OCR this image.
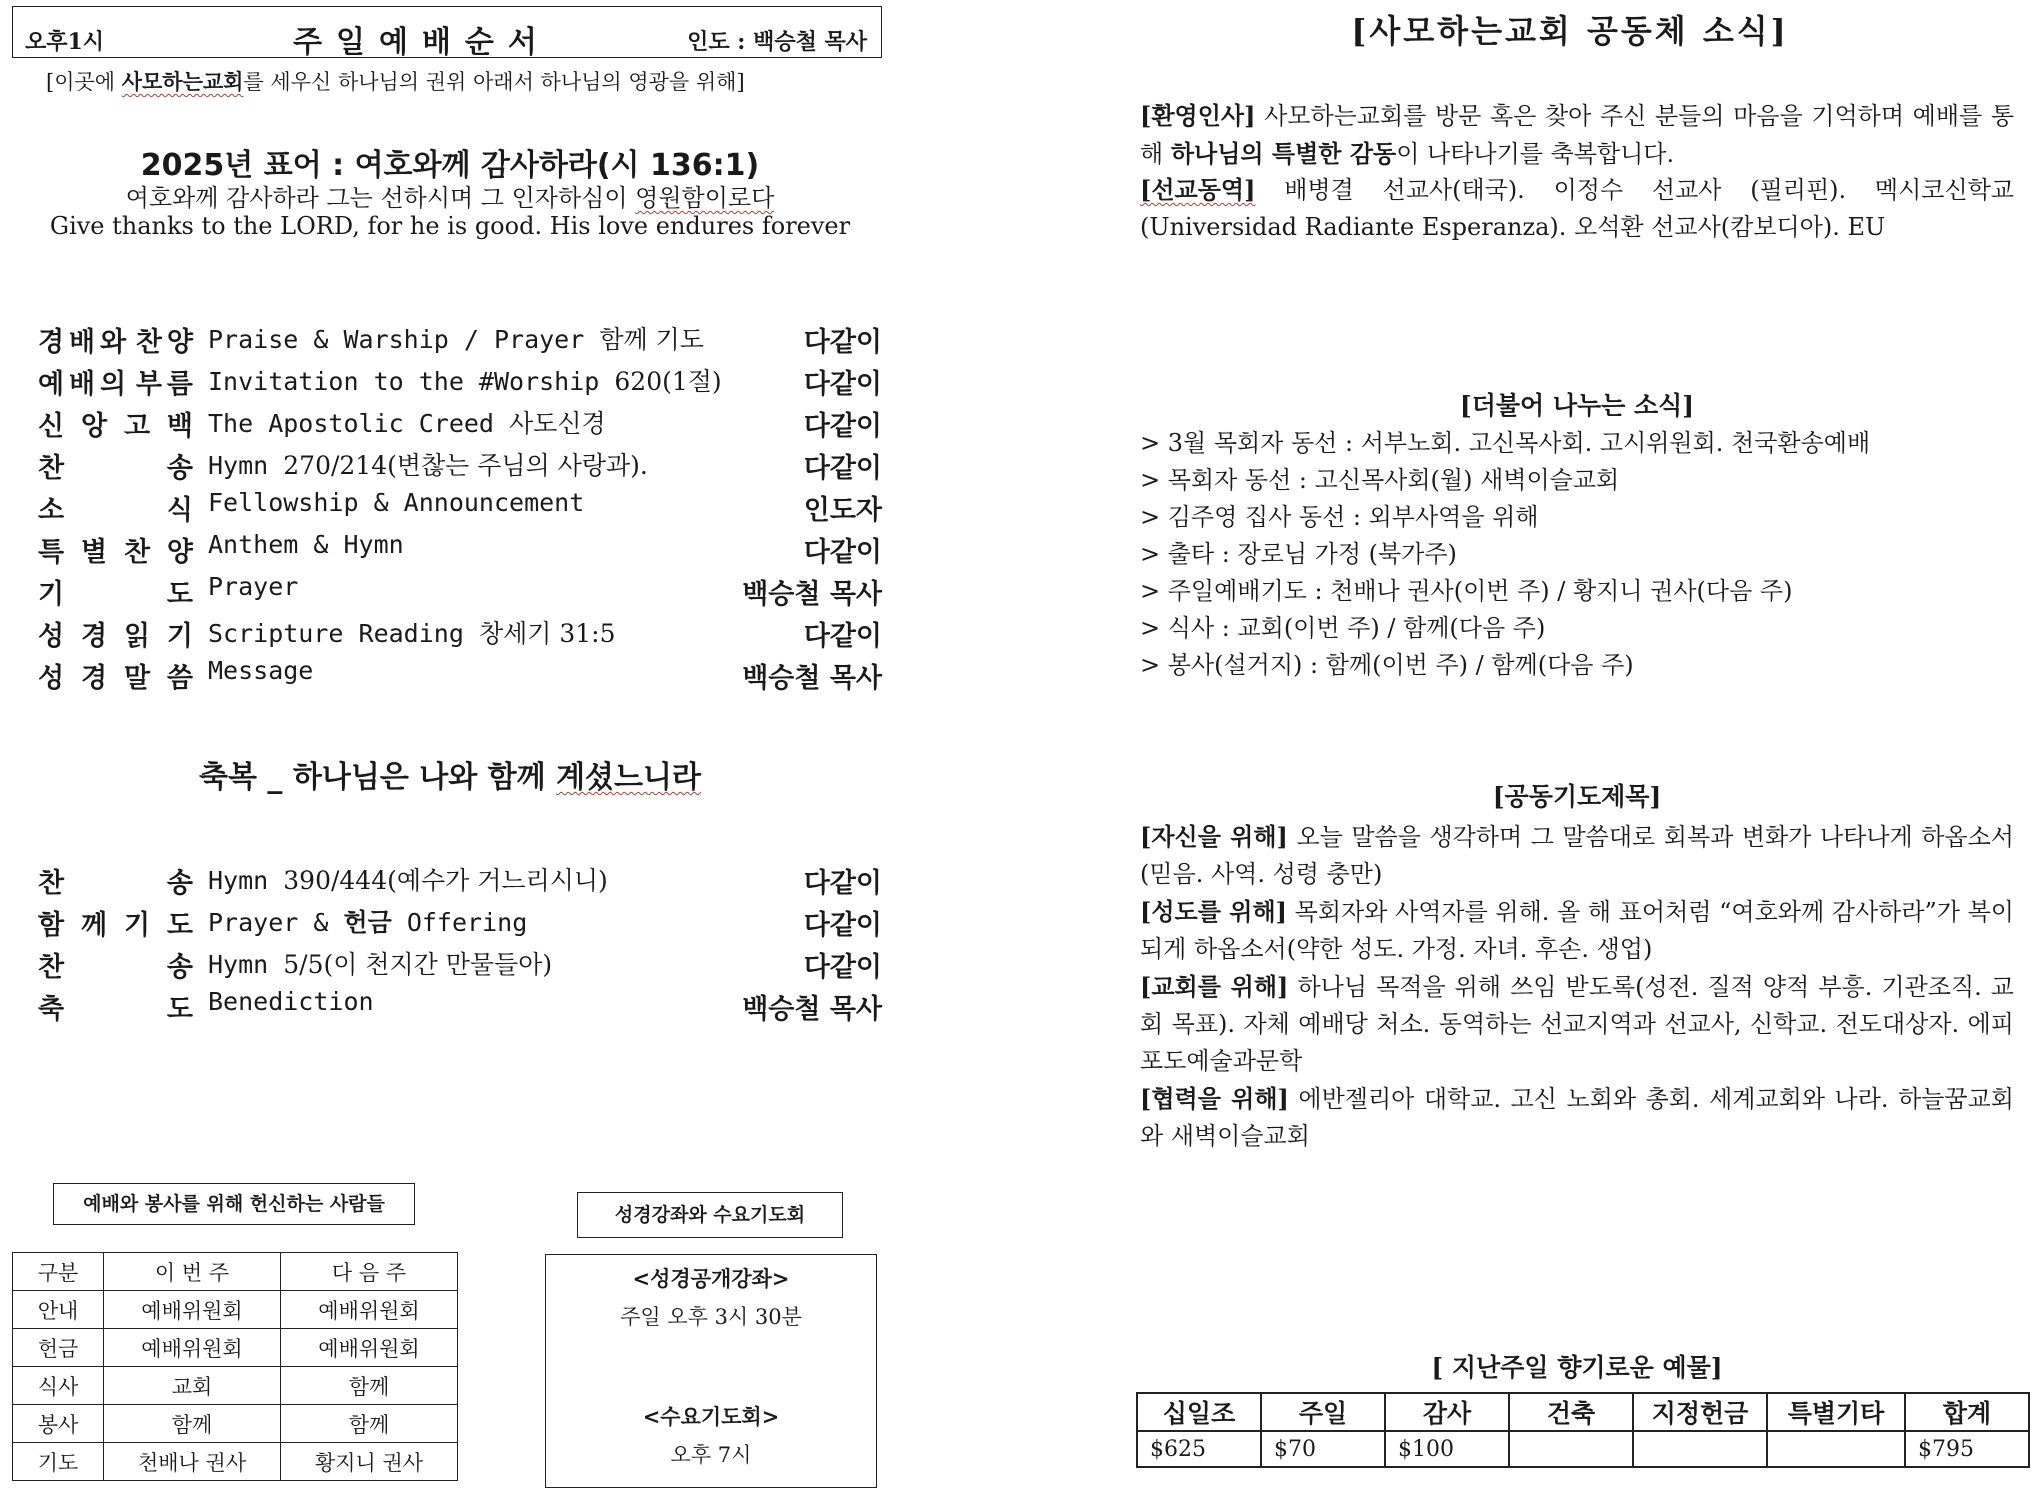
오후1시	주일예배순서	인도 : 백승철 목사
[이곳에 사모하는교회를 세우신 하나님의 권위 아래서 하나님의 영광을 위해]
2025년 표어 : 여호와께 감사하라(시 136:1)
여호와께 감사하라 그는 선하시며 그 인자하심이 영원함이로다
Give thanks to the LORD, for he is good. His love endures forever
경 배 와 찬 양 Praise & Warship / Prayer 함께 기도	다같이
예 배 의 부 름 Invitation to the #Worship 620(1절)	다같이
신 앙 고 백 The Apostolic Creed 사도신경	다같이
찬	송 Hymn 270/214(변찮는 주님의 사랑과).	다같이
소	식 Fellowship & Announcement	인도자
특 별 찬 양 Anthem & Hymn	다같이
기	도 Prayer	백승철 목사
성 경 읽 기 Scripture Reading 창세기 31:5	다같이
성 경 말 씀 Message	백승철 목사
축복 _ 하나님은 나와 함께 계셨느니라
찬	송 Hymn 390/444(예수가 거느리시니)	다같이
함 께 기 도 Prayer & 헌금 Offering	다같이
찬	송 Hymn 5/5(이 천지간 만물들아)	다같이
축	도 Benediction	백승철 목사
예배와 봉사를 위해 헌신하는 사람들	성경강좌와 수요기도회
구분	이 번 주	다 음 주
안내	예배위원회	예배위원회
헌금	예배위원회	예배위원회
식사	교회	함께
봉사	함께	함께
기도	천배나 권사	황지니 권사
<성경공개강좌>
주일 오후 3시 30분
<수요기도회>
오후 7시
[사모하는교회 공동체 소식]
[환영인사] 사모하는교회를 방문 혹은 찾아 주신 분들의 마음을 기억하며 예배를 통해 하나님의 특별한 감동이 나타나기를 축복합니다.
[선교동역] 배병결 선교사(태국). 이정수 선교사 (필리핀). 멕시코신학교(Universidad Radiante Esperanza). 오석환 선교사(캄보디아). EU
[더불어 나누는 소식]
> 3월 목회자 동선 : 서부노회. 고신목사회. 고시위원회. 천국환송예배
> 목회자 동선 : 고신목사회(월) 새벽이슬교회
> 김주영 집사 동선 : 외부사역을 위해
> 출타 : 장로님 가정 (북가주)
> 주일예배기도 : 천배나 권사(이번 주) / 황지니 권사(다음 주)
> 식사 : 교회(이번 주) / 함께(다음 주)
> 봉사(설거지) : 함께(이번 주) / 함께(다음 주)
[공동기도제목]
[자신을 위해] 오늘 말씀을 생각하며 그 말씀대로 회복과 변화가 나타나게 하옵소서(믿음. 사역. 성령 충만)
[성도를 위해] 목회자와 사역자를 위해. 올 해 표어처럼 “여호와께 감사하라”가 복이 되게 하옵소서(약한 성도. 가정. 자녀. 후손. 생업)
[교회를 위해] 하나님 목적을 위해 쓰임 받도록(성전. 질적 양적 부흥. 기관조직. 교회 목표). 자체 예배당 처소. 동역하는 선교지역과 선교사, 신학교. 전도대상자. 에피포도예술과문학
[협력을 위해] 에반젤리아 대학교. 고신 노회와 총회. 세계교회와 나라. 하늘꿈교회와 새벽이슬교회
[ 지난주일 향기로운 예물]
십일조	주일	감사	건축	지정헌금	특별기타	합계
$625	$70	$100				$795
